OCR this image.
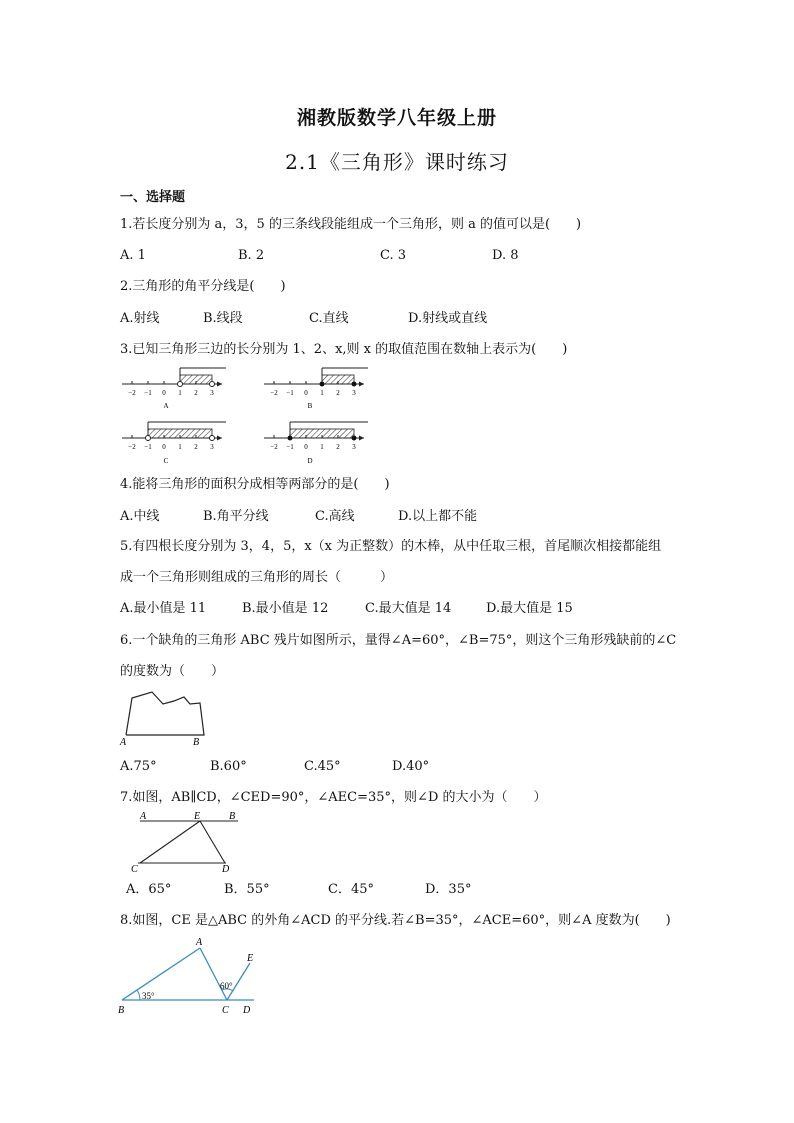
湘教版数学八年级上册
2.1《三角形》课时练习
一、选择题
1.若长度分别为 a，3，5 的三条线段能组成一个三角形，则 a 的值可以是(　　)
A. 1	B. 2	C. 3	D. 8
2.三角形的角平分线是(　　)
A.射线	B.线段	C.直线	D.射线或直线
3.已知三角形三边的长分别为 1、2、x,则 x 的取值范围在数轴上表示为(　　)
−2 −1 0 1 2 3
A
−2 −1 0 1 2 3
B
−2 −1 0 1 2 3
C
−2 −1 0 1 2 3
D
4.能将三角形的面积分成相等两部分的是(　　)
A.中线	B.角平分线	C.高线	D.以上都不能
5.有四根长度分别为 3，4，5，x（x 为正整数）的木棒，从中任取三根，首尾顺次相接都能组
成一个三角形则组成的三角形的周长（　　　）
A.最小值是 11	B.最小值是 12	C.最大值是 14	D.最大值是 15
6.一个缺角的三角形 ABC 残片如图所示，量得∠A=60°，∠B=75°，则这个三角形残缺前的∠C
的度数为（　　）
A	B
A.75°	B.60°	C.45°	D.40°
7.如图，AB∥CD，∠CED=90°，∠AEC=35°，则∠D 的大小为（　　）
A	E	B
C	D
A．65°	B．55°	C．45°	D．35°
8.如图，CE 是△ABC 的外角∠ACD 的平分线.若∠B=35°，∠ACE=60°，则∠A 度数为(　　)
A
E
B	C D
35°
60°
